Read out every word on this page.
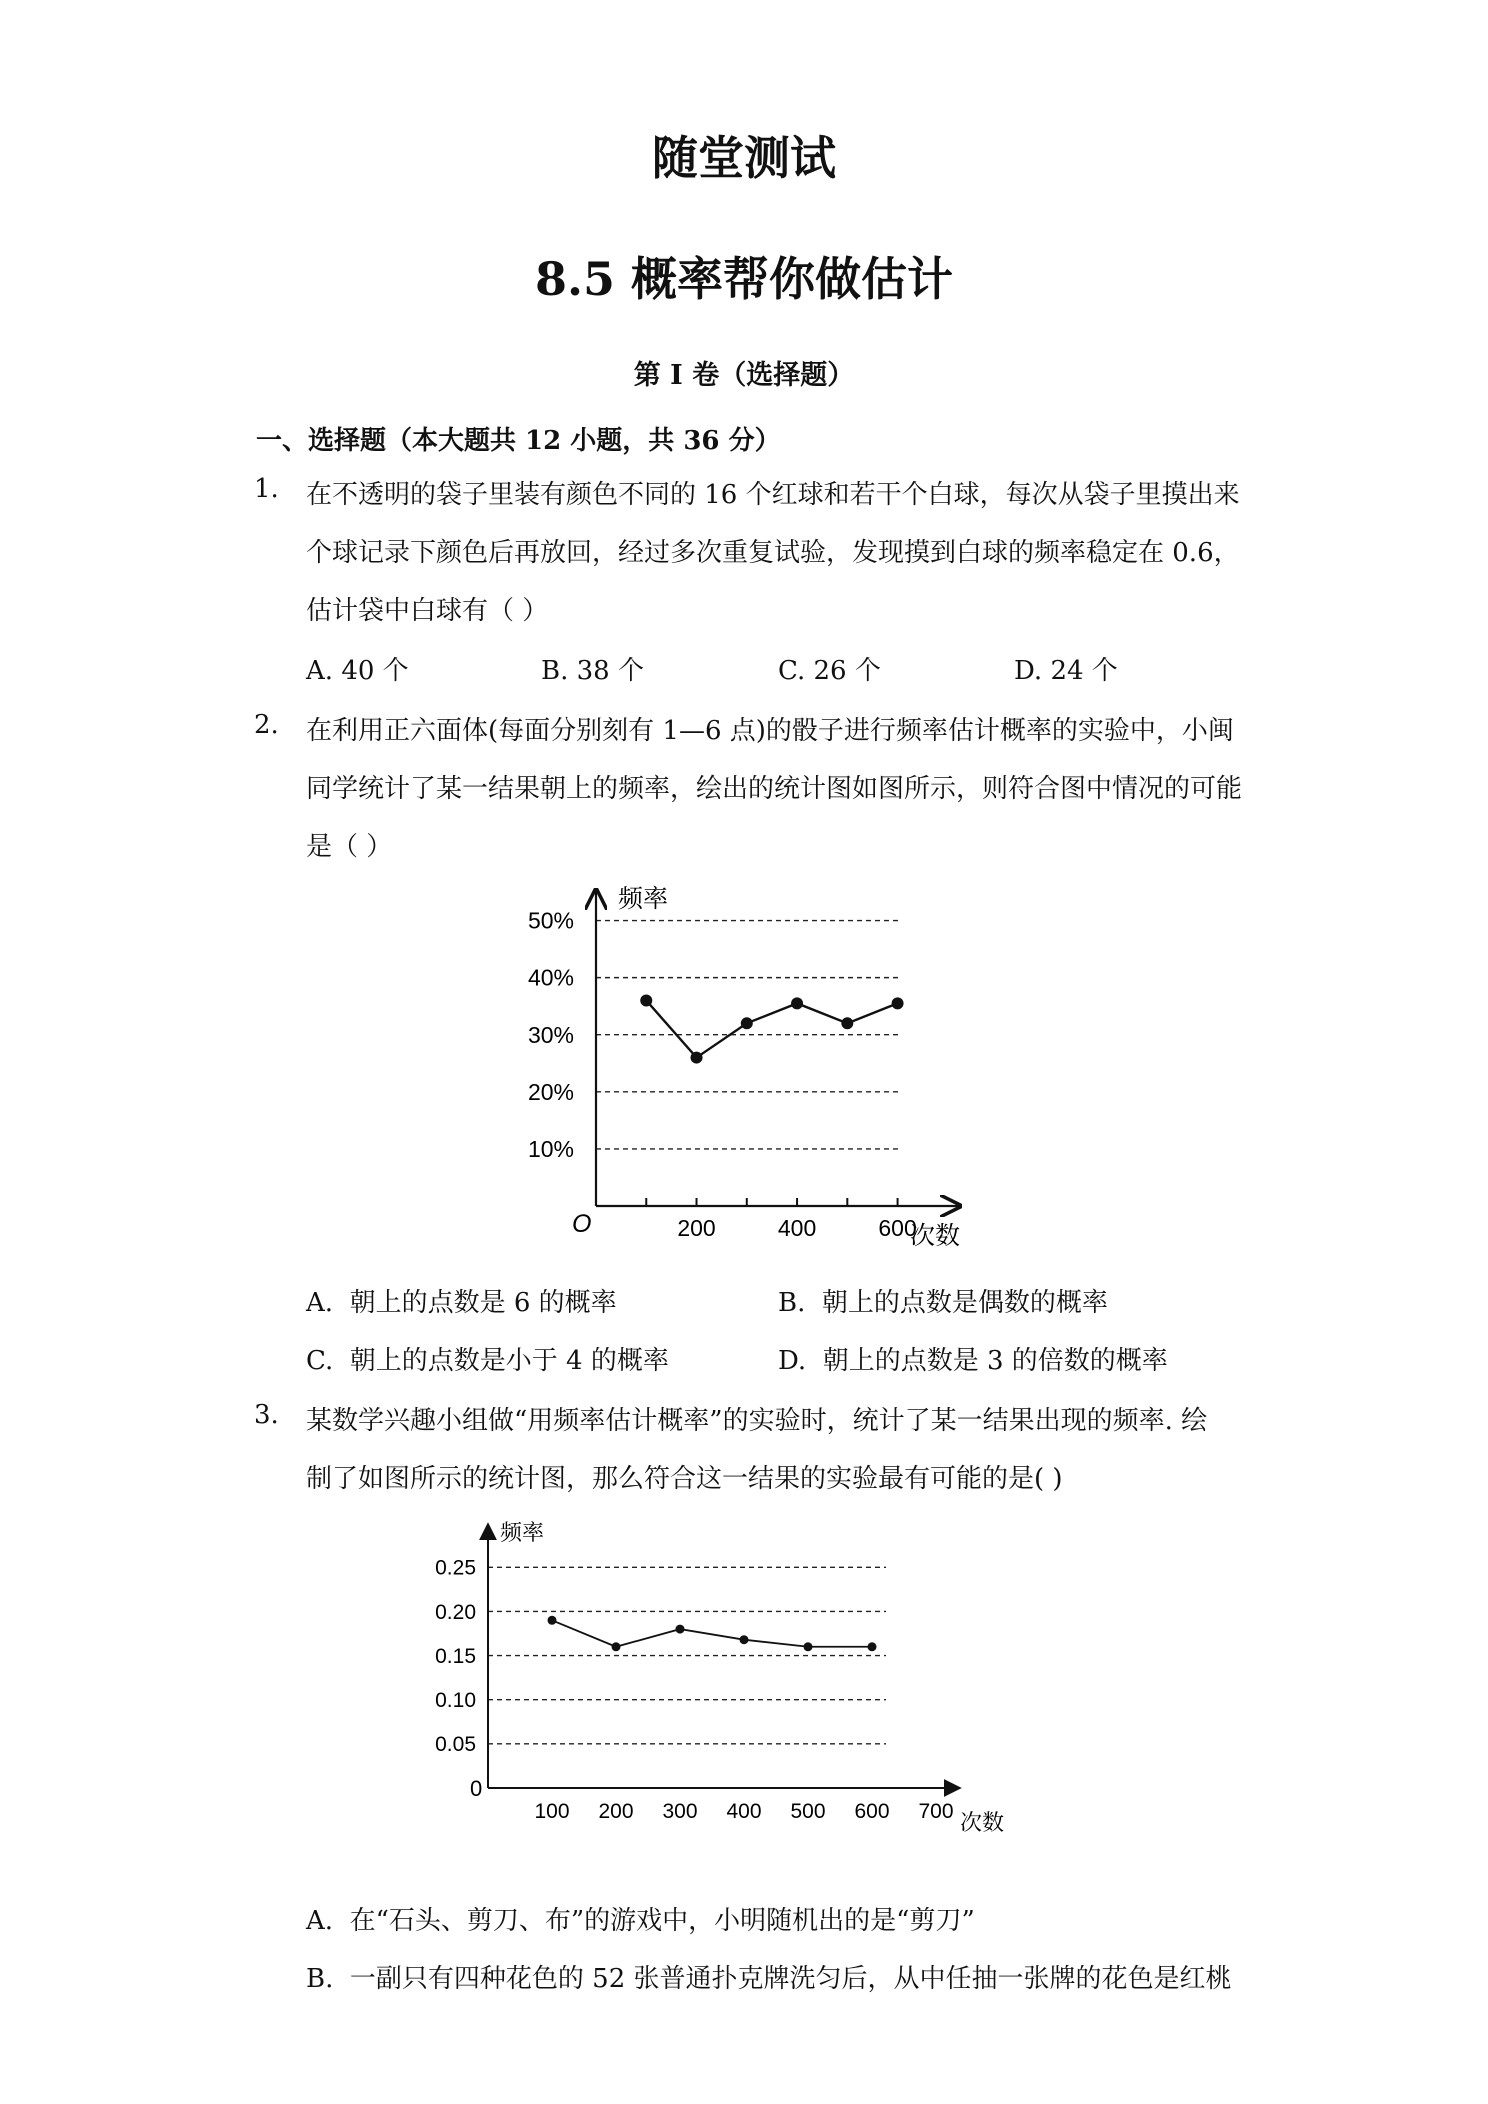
随堂测试
8.5 概率帮你做估计
第 I 卷（选择题）
一、选择题（本大题共 12 小题，共 36 分）
1. 在不透明的袋子里装有颜色不同的 16 个红球和若干个白球，每次从袋子里摸出来
个球记录下颜色后再放回，经过多次重复试验，发现摸到白球的频率稳定在 0.6，
估计袋中白球有（ ）
A. 40 个	B. 38 个	C. 26 个	D. 24 个
2. 在利用正六面体(每面分别刻有 1—6 点)的骰子进行频率估计概率的实验中，小闽
同学统计了某一结果朝上的频率，绘出的统计图如图所示，则符合图中情况的可能
是（ ）
10%
20%
30%
40%
50%
200	400	600
频率
次数
O
A. 朝上的点数是 6 的概率	B. 朝上的点数是偶数的概率
C. 朝上的点数是小于 4 的概率	D. 朝上的点数是 3 的倍数的概率
3. 某数学兴趣小组做“用频率估计概率”的实验时，统计了某一结果出现的频率. 绘
制了如图所示的统计图，那么符合这一结果的实验最有可能的是( )
0.05
0.10
0.15
0.20
0.25
100 200 300 400 500 600 700
频率
次数
0
A. 在“石头、剪刀、布”的游戏中，小明随机出的是“剪刀”
B. 一副只有四种花色的 52 张普通扑克牌洗匀后，从中任抽一张牌的花色是红桃
